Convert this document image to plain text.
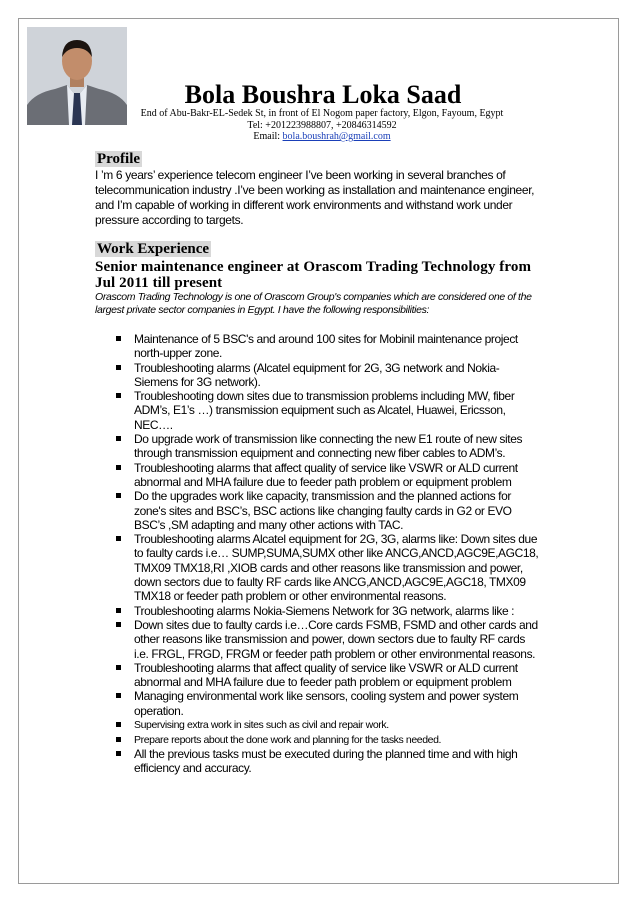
Bola Boushra Loka Saad
End of Abu-Bakr-EL-Sedek St, in front of El Nogom paper factory, Elgon, Fayoum, Egypt
Tel: +201223988807, +20846314592
Email: bola.boushrah@gmail.com
Profile
I ’m 6 years’ experience telecom engineer I’ve been working in several branches of telecommunication industry .I’ve been working as installation and maintenance engineer, and I’m capable of working in different work environments and withstand work under pressure according to targets.
Work Experience
Senior maintenance engineer at Orascom Trading Technology from Jul 2011 till present
Orascom Trading Technology is one of Orascom Group's companies which are considered one of the largest private sector companies in Egypt. I have the following responsibilities:
Maintenance of 5 BSC's and around 100 sites for Mobinil maintenance project north-upper zone.
Troubleshooting alarms (Alcatel equipment for 2G, 3G network and Nokia-Siemens for 3G network).
Troubleshooting down sites due to transmission problems including MW, fiber ADM’s, E1’s …) transmission equipment such as Alcatel, Huawei, Ericsson, NEC….
Do upgrade work of transmission like connecting the new E1 route of new sites through transmission equipment and connecting new fiber cables to ADM’s.
Troubleshooting alarms that affect quality of service like VSWR or ALD current abnormal and MHA failure due to feeder path problem or equipment problem
Do the upgrades work like capacity, transmission and the planned actions for zone's sites and BSC’s, BSC actions like changing faulty cards in G2 or EVO BSC’s ,SM adapting and many other actions with TAC.
Troubleshooting alarms Alcatel equipment for 2G, 3G, alarms like: Down sites due to faulty cards i.e… SUMP,SUMA,SUMX other like ANCG,ANCD,AGC9E,AGC18, TMX09 TMX18,RI ,XIOB cards and other reasons like transmission and power, down sectors due to faulty RF cards like ANCG,ANCD,AGC9E,AGC18, TMX09 TMX18 or feeder path problem or other environmental reasons.
Troubleshooting alarms Nokia-Siemens Network for 3G network, alarms like :
Down sites due to faulty cards i.e…Core cards FSMB, FSMD and other cards and other reasons like transmission and power, down sectors due to faulty RF cards i.e. FRGL, FRGD, FRGM or feeder path problem or other environmental reasons.
Troubleshooting alarms that affect quality of service like VSWR or ALD current abnormal and MHA failure due to feeder path problem or equipment problem
Managing environmental work like sensors, cooling system and power system operation.
Supervising extra work in sites such as civil and repair work.
Prepare reports about the done work and planning for the tasks needed.
All the previous tasks must be executed during the planned time and with high efficiency and accuracy.
